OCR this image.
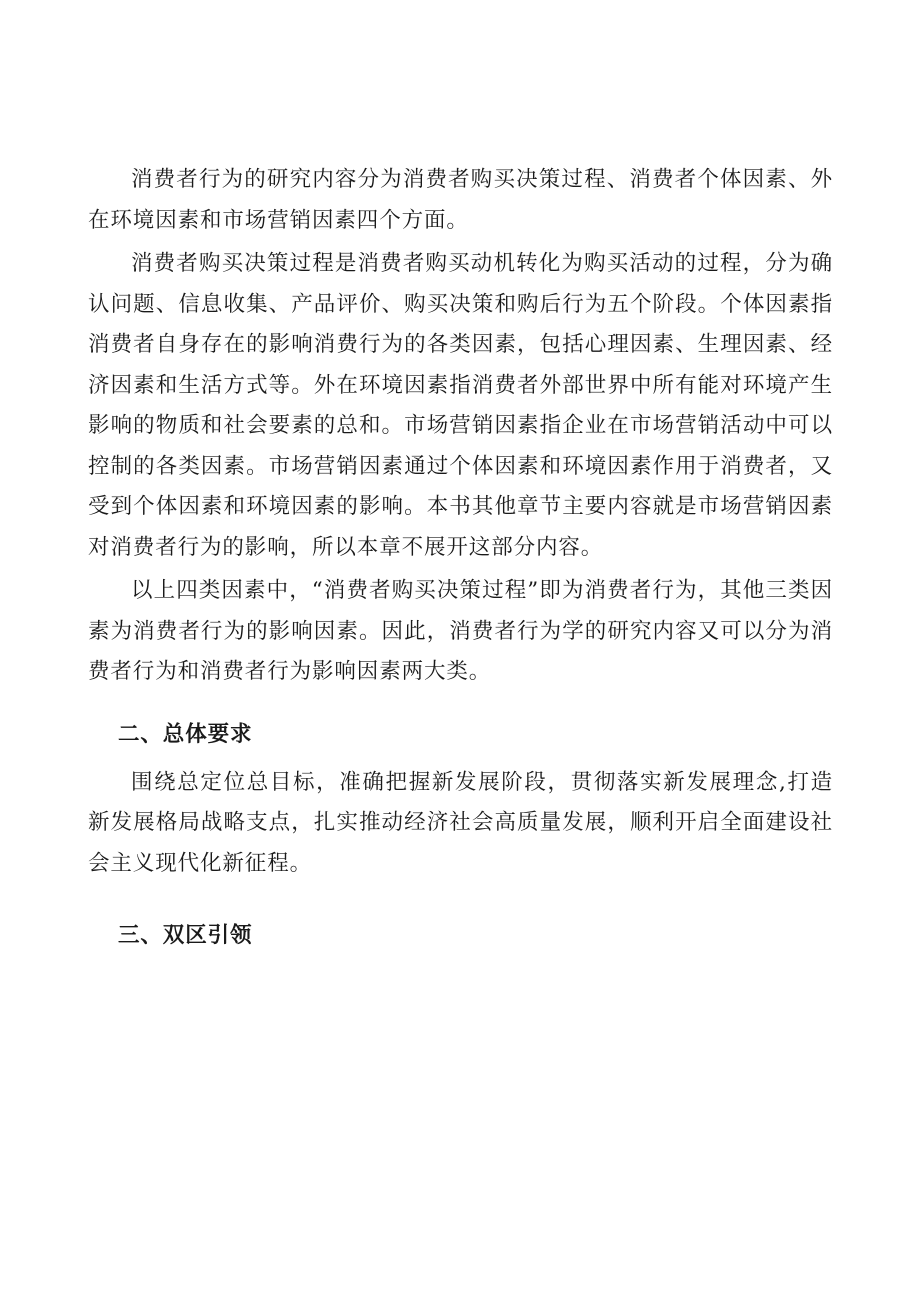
消费者行为的研究内容分为消费者购买决策过程、消费者个体因素、外在环境因素和市场营销因素四个方面。

消费者购买决策过程是消费者购买动机转化为购买活动的过程，分为确认问题、信息收集、产品评价、购买决策和购后行为五个阶段。个体因素指消费者自身存在的影响消费行为的各类因素，包括心理因素、生理因素、经济因素和生活方式等。外在环境因素指消费者外部世界中所有能对环境产生影响的物质和社会要素的总和。市场营销因素指企业在市场营销活动中可以控制的各类因素。市场营销因素通过个体因素和环境因素作用于消费者，又受到个体因素和环境因素的影响。本书其他章节主要内容就是市场营销因素对消费者行为的影响，所以本章不展开这部分内容。

以上四类因素中，“消费者购买决策过程”即为消费者行为，其他三类因素为消费者行为的影响因素。因此，消费者行为学的研究内容又可以分为消费者行为和消费者行为影响因素两大类。

二、总体要求

围绕总定位总目标，准确把握新发展阶段，贯彻落实新发展理念,打造新发展格局战略支点，扎实推动经济社会高质量发展，顺利开启全面建设社会主义现代化新征程。

三、双区引领
